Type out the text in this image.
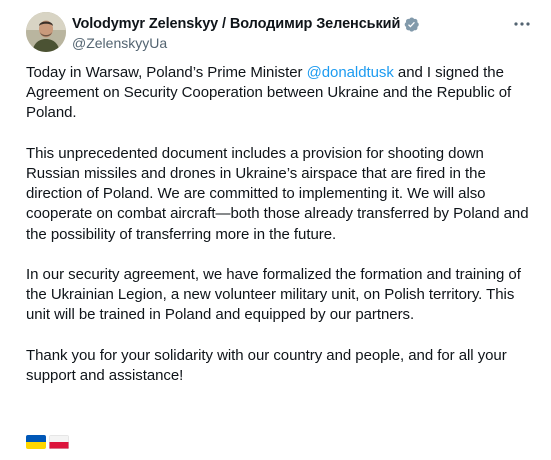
Volodymyr Zelenskyy / Володимир Зеленський
@ZelenskyyUa

Today in Warsaw, Poland’s Prime Minister @donaldtusk and I signed the Agreement on Security Cooperation between Ukraine and the Republic of Poland.

This unprecedented document includes a provision for shooting down Russian missiles and drones in Ukraine’s airspace that are fired in the direction of Poland. We are committed to implementing it. We will also cooperate on combat aircraft—both those already transferred by Poland and the possibility of transferring more in the future.

In our security agreement, we have formalized the formation and training of the Ukrainian Legion, a new volunteer military unit, on Polish territory. This unit will be trained in Poland and equipped by our partners.

Thank you for your solidarity with our country and people, and for all your support and assistance!
